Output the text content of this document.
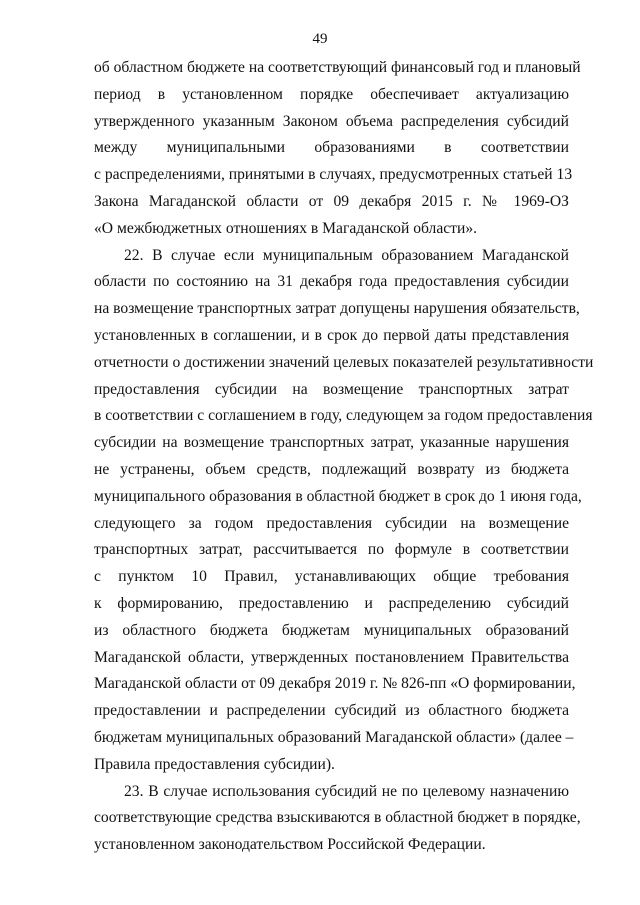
49
об областном бюджете на соответствующий финансовый год и плановый
период в установленном порядке обеспечивает актуализацию
утвержденного указанным Законом объема распределения субсидий
между муниципальными образованиями в соответствии
с распределениями, принятыми в случаях, предусмотренных статьей 13
Закона Магаданской области от 09 декабря 2015 г. № 1969-ОЗ
«О межбюджетных отношениях в Магаданской области».
22. В случае если муниципальным образованием Магаданской
области по состоянию на 31 декабря года предоставления субсидии
на возмещение транспортных затрат допущены нарушения обязательств,
установленных в соглашении, и в срок до первой даты представления
отчетности о достижении значений целевых показателей результативности
предоставления субсидии на возмещение транспортных затрат
в соответствии с соглашением в году, следующем за годом предоставления
субсидии на возмещение транспортных затрат, указанные нарушения
не устранены, объем средств, подлежащий возврату из бюджета
муниципального образования в областной бюджет в срок до 1 июня года,
следующего за годом предоставления субсидии на возмещение
транспортных затрат, рассчитывается по формуле в соответствии
с пунктом 10 Правил, устанавливающих общие требования
к формированию, предоставлению и распределению субсидий
из областного бюджета бюджетам муниципальных образований
Магаданской области, утвержденных постановлением Правительства
Магаданской области от 09 декабря 2019 г. № 826-пп «О формировании,
предоставлении и распределении субсидий из областного бюджета
бюджетам муниципальных образований Магаданской области» (далее –
Правила предоставления субсидии).
23. В случае использования субсидий не по целевому назначению
соответствующие средства взыскиваются в областной бюджет в порядке,
установленном законодательством Российской Федерации.
